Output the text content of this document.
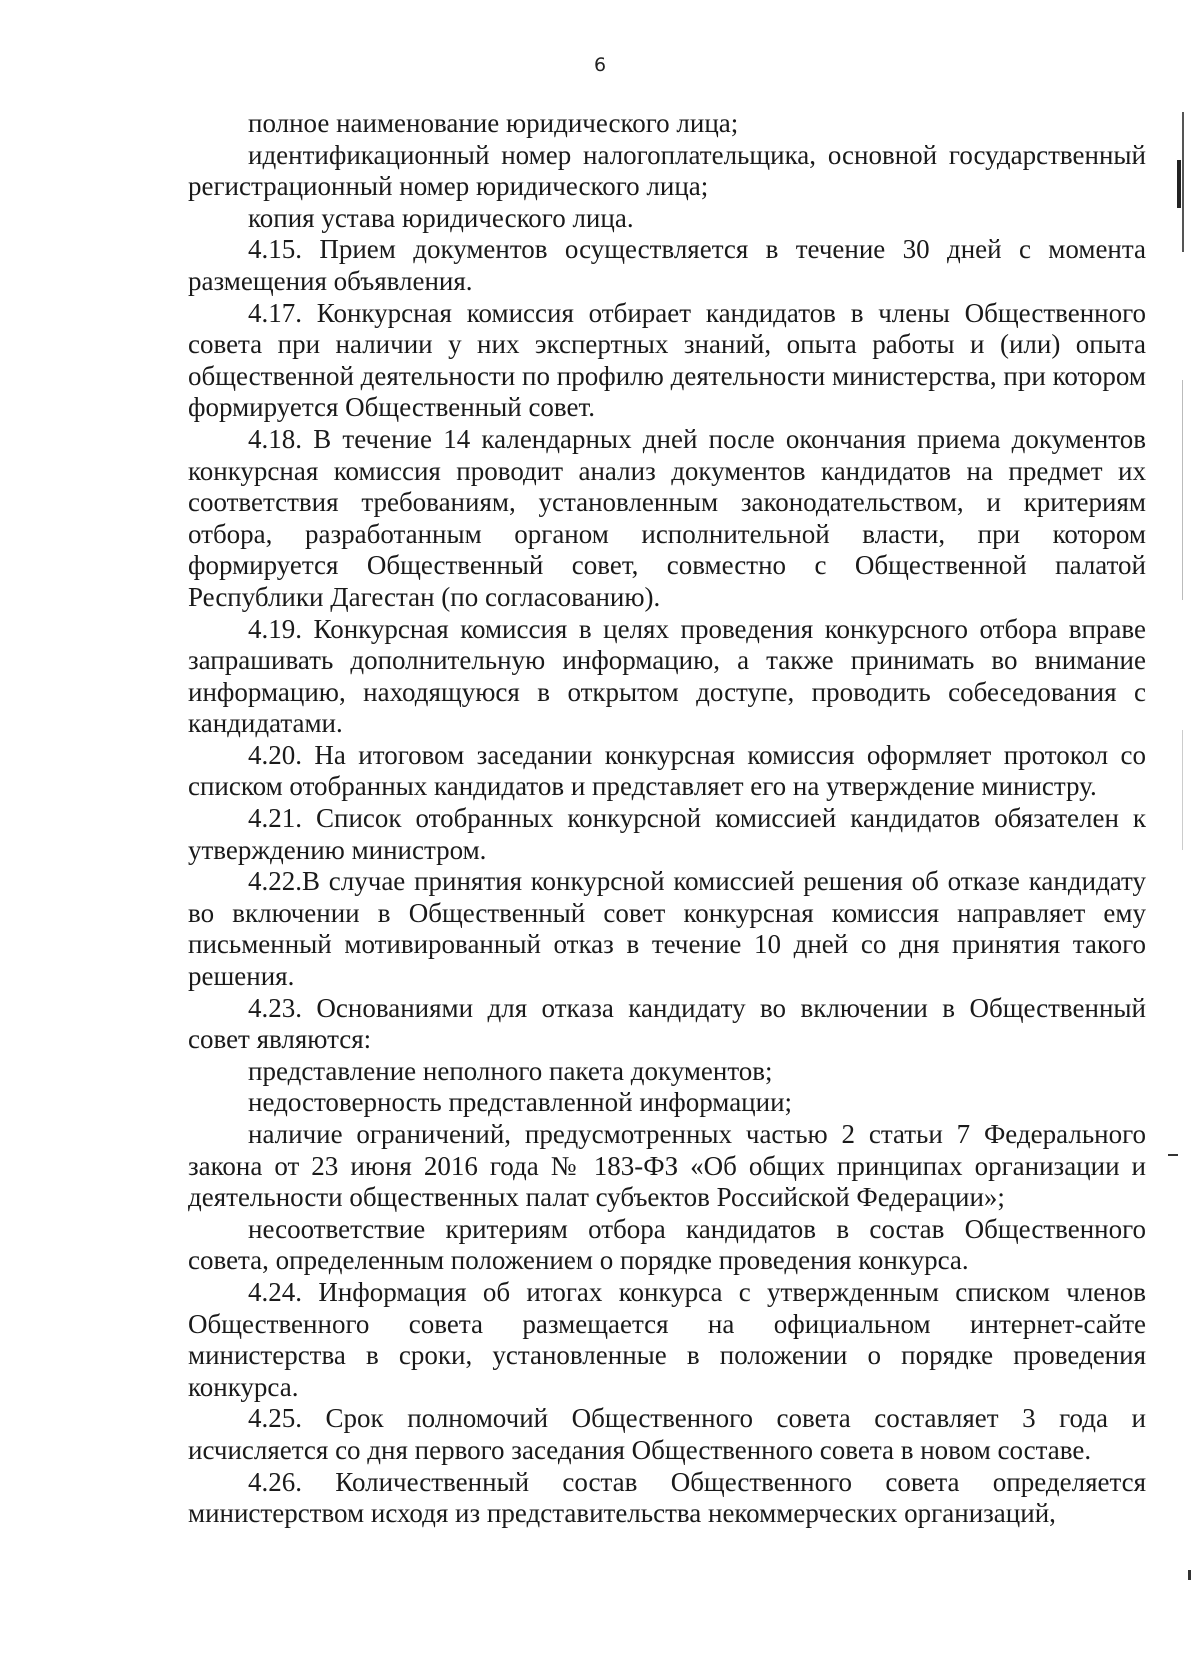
6

полное наименование юридического лица;

идентификационный номер налогоплательщика, основной государственный регистрационный номер юридического лица;

копия устава юридического лица.

4.15. Прием документов осуществляется в течение 30 дней с момента размещения объявления.

4.17. Конкурсная комиссия отбирает кандидатов в члены Общественного совета при наличии у них экспертных знаний, опыта работы и (или) опыта общественной деятельности по профилю деятельности министерства, при котором формируется Общественный совет.

4.18. В течение 14 календарных дней после окончания приема документов конкурсная комиссия проводит анализ документов кандидатов на предмет их соответствия требованиям, установленным законодательством, и критериям отбора, разработанным органом исполнительной власти, при котором формируется Общественный совет, совместно с Общественной палатой Республики Дагестан (по согласованию).

4.19. Конкурсная комиссия в целях проведения конкурсного отбора вправе запрашивать дополнительную информацию, а также принимать во внимание информацию, находящуюся в открытом доступе, проводить собеседования с кандидатами.

4.20. На итоговом заседании конкурсная комиссия оформляет протокол со списком отобранных кандидатов и представляет его на утверждение министру.

4.21. Список отобранных конкурсной комиссией кандидатов обязателен к утверждению министром.

4.22.В случае принятия конкурсной комиссией решения об отказе кандидату во включении в Общественный совет конкурсная комиссия направляет ему письменный мотивированный отказ в течение 10 дней со дня принятия такого решения.

4.23. Основаниями для отказа кандидату во включении в Общественный совет являются:

представление неполного пакета документов;

недостоверность представленной информации;

наличие ограничений, предусмотренных частью 2 статьи 7 Федерального закона от 23 июня 2016 года № 183-ФЗ «Об общих принципах организации и деятельности общественных палат субъектов Российской Федерации»;

несоответствие критериям отбора кандидатов в состав Общественного совета, определенным положением о порядке проведения конкурса.

4.24. Информация об итогах конкурса с утвержденным списком членов Общественного совета размещается на официальном интернет-сайте министерства в сроки, установленные в положении о порядке проведения конкурса.

4.25. Срок полномочий Общественного совета составляет 3 года и исчисляется со дня первого заседания Общественного совета в новом составе.

4.26. Количественный состав Общественного совета определяется министерством исходя из представительства некоммерческих организаций,
